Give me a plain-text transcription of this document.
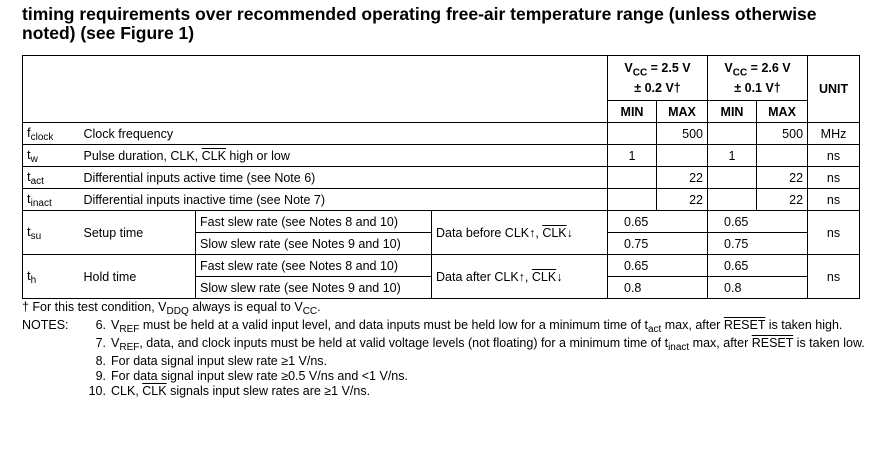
timing requirements over recommended operating free-air temperature range (unless otherwise noted) (see Figure 1)
				$V_{CC} = 2.5$ V
± 0.2 V†		$V_{CC} = 2.6$ V
± 0.1 V†		UNIT
				MIN	MAX	MIN	MAX	
$f_{clock}$	Clock frequency				500		500	MHz
$t_w$	Pulse duration, CLK, $\overline{CLK}$ high or low			1		1		ns
$t_{act}$	Differential inputs active time (see Note 6)				22		22	ns
$t_{inact}$	Differential inputs inactive time (see Note 7)				22		22	ns
$t_{su}$	Setup time	Fast slew rate (see Notes 8 and 10)	Data before CLK↑, $\overline{CLK}↓$	0.65		0.65		ns
		Slow slew rate (see Notes 9 and 10)		0.75		0.75		
$t_h$	Hold time	Fast slew rate (see Notes 8 and 10)	Data after CLK↑, $\overline{CLK}↓$	0.65		0.65		ns
		Slow slew rate (see Notes 9 and 10)		0.8		0.8		
† For this test condition, $V_{DDQ}$ always is equal to $V_{CC}$.
NOTES:	6. $V_{REF}$ must be held at a valid input level, and data inputs must be held low for a minimum time of $t_{act}$ max, after RESET is taken high.
7. $V_{REF}$, data, and clock inputs must be held at valid voltage levels (not floating) for a minimum time of $t_{inact}$ max, after RESET is taken low.
8. For data signal input slew rate ≥1 V/ns.
9. For data signal input slew rate ≥0.5 V/ns and <1 V/ns.
10. CLK, $\overline{CLK}$ signals input slew rates are ≥1 V/ns.
